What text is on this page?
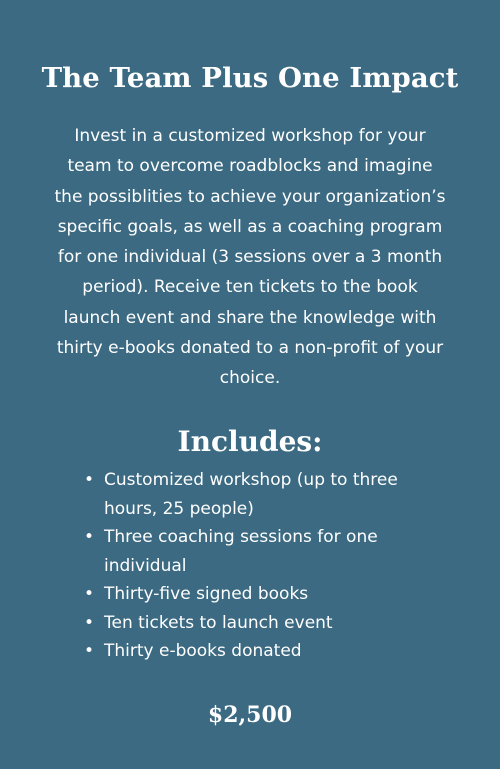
The Team Plus One Impact

Invest in a customized workshop for your team to overcome roadblocks and imagine the possiblities to achieve your organization’s specific goals, as well as a coaching program for one individual (3 sessions over a 3 month period). Receive ten tickets to the book launch event and share the knowledge with thirty e-books donated to a non-profit of your choice.

Includes:
• Customized workshop (up to three hours, 25 people)
• Three coaching sessions for one individual
• Thirty-five signed books
• Ten tickets to launch event
• Thirty e-books donated
$2,500
